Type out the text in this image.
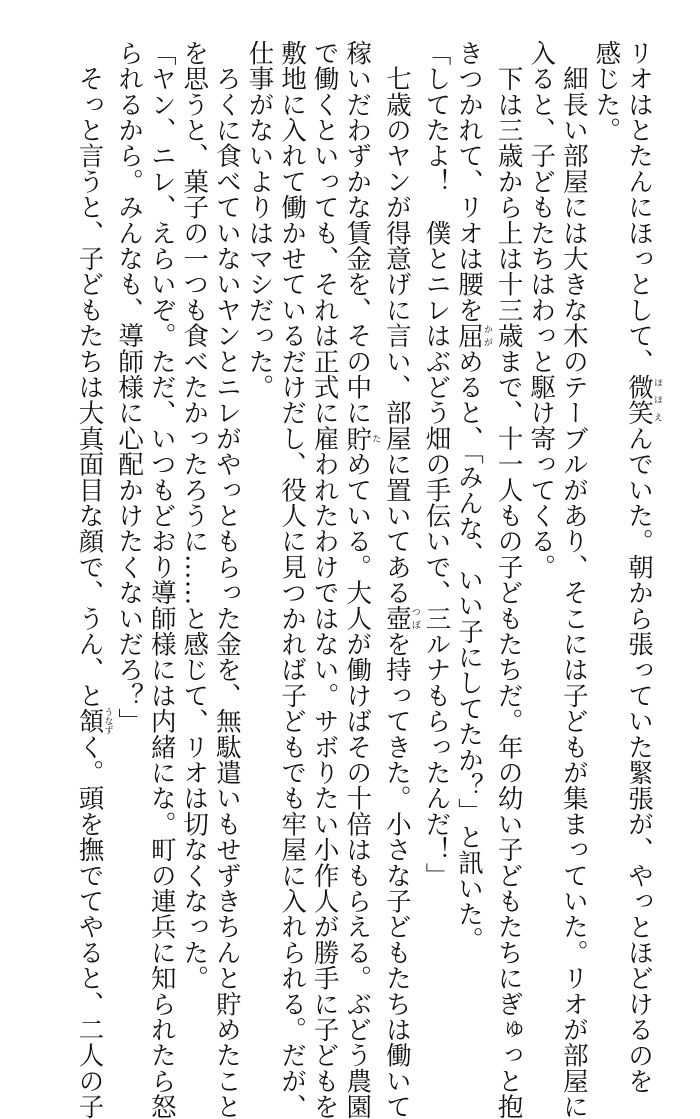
リオはとたんにほっとして、微笑ほほえんでいた。朝から張っていた緊張が、やっとほどけるのを
感じた。
　細長い部屋には大きな木のテーブルがあり、そこには子どもが集まっていた。リオが部屋に
入ると、子どもたちはわっと駆け寄ってくる。
　下は三歳から上は十三歳まで、十一人もの子どもたちだ。年の幼い子どもたちにぎゅっと抱
きつかれて、リオは腰を屈かがめると、「みんな、いい子にしてたか？」と訊いた。
「してたよ！　僕とニレはぶどう畑の手伝いで、三ルナもらったんだ！」
　七歳のヤンが得意げに言い、部屋に置いてある壺つぼを持ってきた。小さな子どもたちは働いて
稼いだわずかな賃金を、その中に貯ためている。大人が働けばその十倍はもらえる。ぶどう農園
で働くといっても、それは正式に雇われたわけではない。サボりたい小作人が勝手に子どもを
敷地に入れて働かせているだけだし、役人に見つかれば子どもでも牢屋に入れられる。だが、
仕事がないよりはマシだった。
　ろくに食べていないヤンとニレがやっともらった金を、無駄遣いもせずきちんと貯めたこと
を思うと、菓子の一つも食べたかったろうに……と感じて、リオは切なくなった。
「ヤン、ニレ、えらいぞ。ただ、いつもどおり導師様には内緒にな。町の連兵に知られたら怒
られるから。みんなも、導師様に心配かけたくないだろ？」
　そっと言うと、子どもたちは大真面目な顔で、うん、と頷うなずく。頭を撫でてやると、二人の子
